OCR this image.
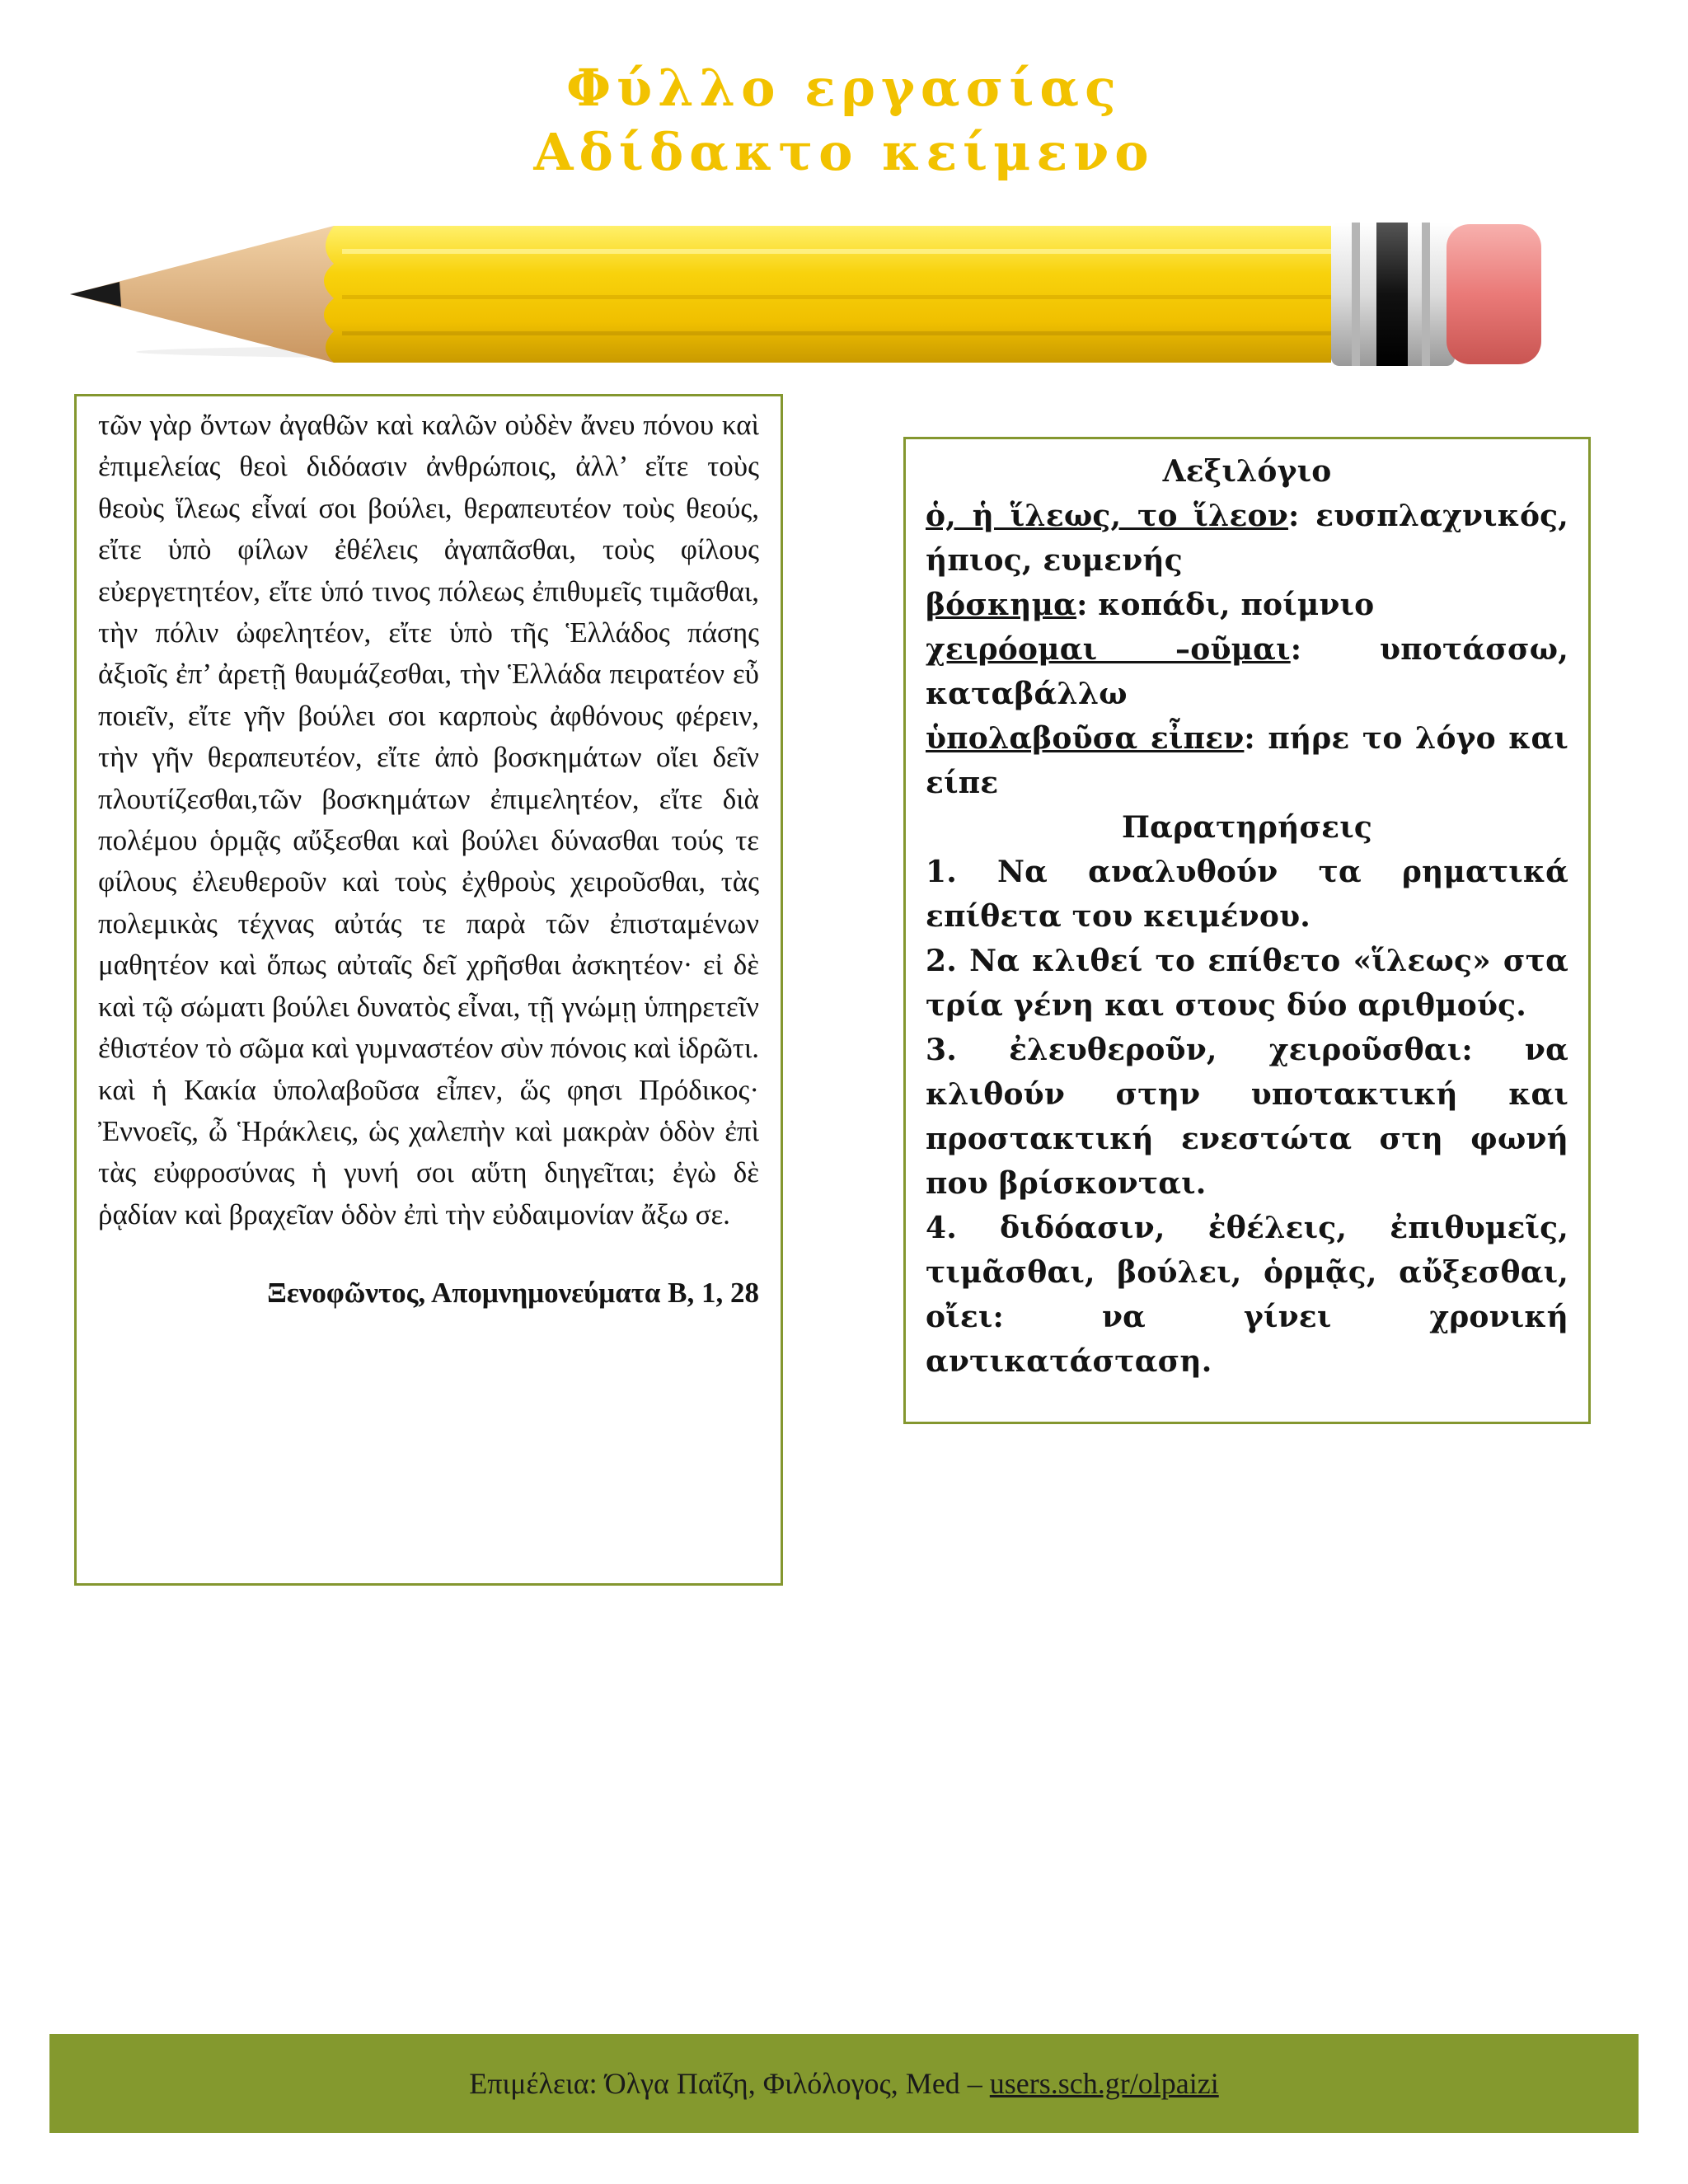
Φύλλο εργασίας
Αδίδακτο κείμενο

τῶν γὰρ ὄντων ἀγαθῶν καὶ καλῶν οὐδὲν ἄνευ πόνου καὶ ἐπιμελείας θεοὶ διδόασιν ἀνθρώποις, ἀλλ’ εἴτε τοὺς θεοὺς ἵλεως εἶναί σοι βούλει, θεραπευτέον τοὺς θεούς, εἴτε ὑπὸ φίλων ἐθέλεις ἀγαπᾶσθαι, τοὺς φίλους εὐεργετητέον, εἴτε ὑπό τινος πόλεως ἐπιθυμεῖς τιμᾶσθαι, τὴν πόλιν ὠφελητέον, εἴτε ὑπὸ τῆς Ἑλλάδος πάσης ἀξιοῖς ἐπ’ ἀρετῇ θαυμάζεσθαι, τὴν Ἑλλάδα πειρατέον εὖ ποιεῖν, εἴτε γῆν βούλει σοι καρποὺς ἀφθόνους φέρειν, τὴν γῆν θεραπευτέον, εἴτε ἀπὸ βοσκημάτων οἴει δεῖν πλουτίζεσθαι,τῶν βοσκημάτων ἐπιμελητέον, εἴτε διὰ πολέμου ὁρμᾷς αὔξεσθαι καὶ βούλει δύνασθαι τούς τε φίλους ἐλευθεροῦν καὶ τοὺς ἐχθροὺς χειροῦσθαι, τὰς πολεμικὰς τέχνας αὐτάς τε παρὰ τῶν ἐπισταμένων μαθητέον καὶ ὅπως αὐταῖς δεῖ χρῆσθαι ἀσκητέον· εἰ δὲ καὶ τῷ σώματι βούλει δυνατὸς εἶναι, τῇ γνώμῃ ὑπηρετεῖν ἐθιστέον τὸ σῶμα καὶ γυμναστέον σὺν πόνοις καὶ ἱδρῶτι. καὶ ἡ Κακία ὑπολαβοῦσα εἶπεν, ὥς φησι Πρόδικος· Ἐννοεῖς, ὦ Ἡράκλεις, ὡς χαλεπὴν καὶ μακρὰν ὁδὸν ἐπὶ τὰς εὐφροσύνας ἡ γυνή σοι αὕτη διηγεῖται; ἐγὼ δὲ ῥᾳδίαν καὶ βραχεῖαν ὁδὸν ἐπὶ τὴν εὐδαιμονίαν ἄξω σε.

Ξενοφῶντος, Απομνημονεύματα Β, 1, 28

Λεξιλόγιο

ὁ, ἡ ἵλεως, το ἵλεον: ευσπλαχνικός, ήπιος, ευμενής

βόσκημα: κοπάδι, ποίμνιο

χειρόομαι –οῦμαι: υποτάσσω, καταβάλλω

ὑπολαβοῦσα εἶπεν: πήρε το λόγο και είπε

Παρατηρήσεις

1. Να αναλυθούν τα ρηματικά επίθετα του κειμένου.

2. Να κλιθεί το επίθετο «ἵλεως» στα τρία γένη και στους δύο αριθμούς.

3. ἐλευθεροῦν, χειροῦσθαι: να κλιθούν στην υποτακτική και προστακτική ενεστώτα στη φωνή που βρίσκονται.

4. διδόασιν, ἐθέλεις, ἐπιθυμεῖς, τιμᾶσθαι, βούλει, ὁρμᾷς, αὔξεσθαι, οἴει: να γίνει χρονική αντικατάσταση.

Επιμέλεια: Όλγα Παΐζη, Φιλόλογος, Med – users.sch.gr/olpaizi
